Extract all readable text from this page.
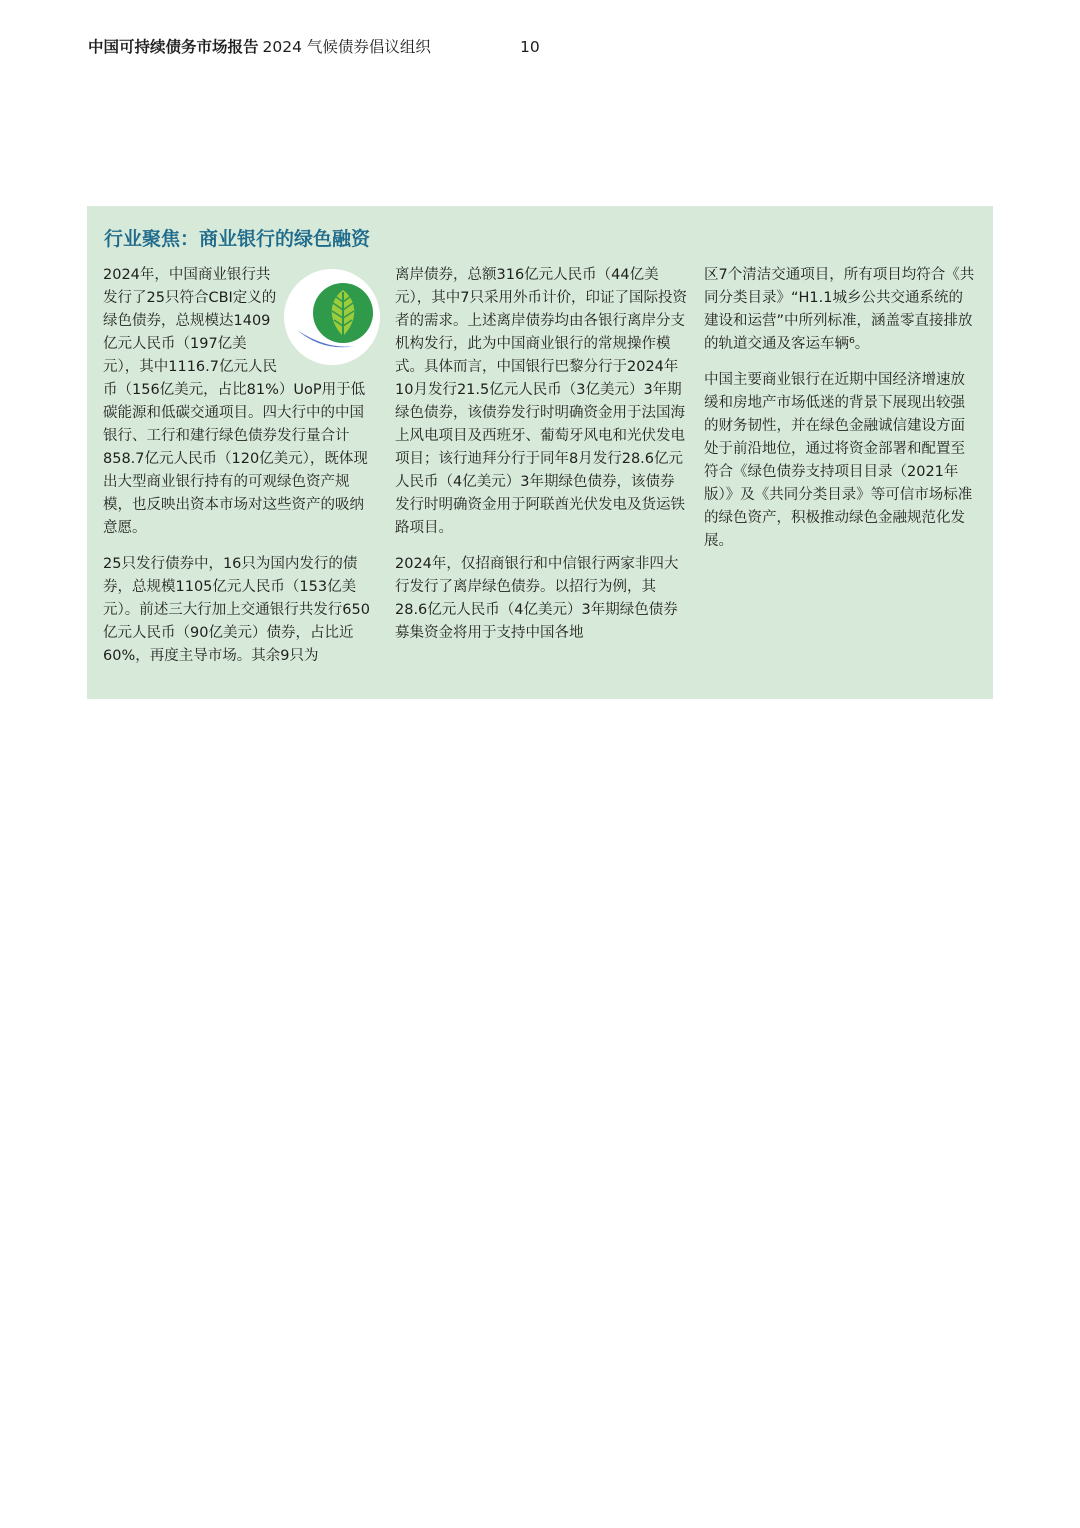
中国可持续债务市场报告 2024 气候债券倡议组织	10
行业聚焦：商业银行的绿色融资

2024年，中国商业银行共发行了25只符合CBI定义的绿色债券，总规模达1409亿元人民币（197亿美元），其中1116.7亿元人民币（156亿美元，占比81%）UoP用于低碳能源和低碳交通项目。四大行中的中国银行、工行和建行绿色债券发行量合计858.7亿元人民币（120亿美元），既体现出大型商业银行持有的可观绿色资产规模，也反映出资本市场对这些资产的吸纳意愿。

25只发行债券中，16只为国内发行的债券，总规模1105亿元人民币（153亿美元）。前述三大行加上交通银行共发行650亿元人民币（90亿美元）债券，占比近60%，再度主导市场。其余9只为

离岸债券，总额316亿元人民币（44亿美元），其中7只采用外币计价，印证了国际投资者的需求。上述离岸债券均由各银行离岸分支机构发行，此为中国商业银行的常规操作模式。具体而言，中国银行巴黎分行于2024年10月发行21.5亿元人民币（3亿美元）3年期绿色债券，该债券发行时明确资金用于法国海上风电项目及西班牙、葡萄牙风电和光伏发电项目；该行迪拜分行于同年8月发行28.6亿元人民币（4亿美元）3年期绿色债券，该债券 发行时明确资金用于阿联酋光伏发电及货运铁路项目。

2024年，仅招商银行和中信银行两家非四大行发行了离岸绿色债券。以招行为例，其28.6亿元人民币（4亿美元）3年期绿色债券募集资金将用于支持中国各地

区7个清洁交通项目，所有项目均符合《共同分类目录》“H1.1城乡公共交通系统的建设和运营”中所列标准，涵盖零直接排放的轨道交通及客运车辆⁶。

中国主要商业银行在近期中国经济增速放缓和房地产市场低迷的背景下展现出较强的财务韧性，并在绿色金融诚信建设方面处于前沿地位，通过将资金部署和配置至符合《绿色债券支持项目目录（2021年版）》及《共同分类目录》等可信市场标准的绿色资产，积极推动绿色金融规范化发展。
